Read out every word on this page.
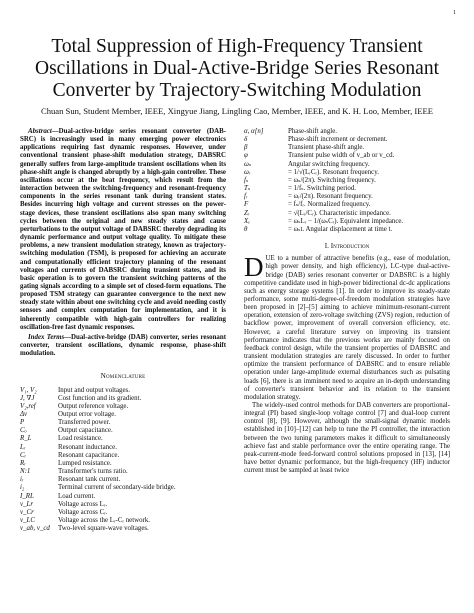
1
Total Suppression of High-Frequency Transient Oscillations in Dual-Active-Bridge Series Resonant Converter by Trajectory-Switching Modulation
Chuan Sun, Student Member, IEEE, Xingyue Jiang, Lingling Cao, Member, IEEE, and K. H. Loo, Member, IEEE
Abstract—Dual-active-bridge series resonant converter (DAB-SRC) is increasingly used in many emerging power electronics applications requiring fast dynamic responses. However, under conventional transient phase-shift modulation strategy, DABSRC generally suffers from large-amplitude transient oscillations when its phase-shift angle is changed abruptly by a high-gain controller. These oscillations occur at the beat frequency, which result from the interaction between the switching-frequency and resonant-frequency components in the series resonant tank during transient states. Besides incurring high voltage and current stresses on the power-stage devices, these transient oscillations also span many switching cycles between the original and new steady states and cause perturbations to the output voltage of DABSRC thereby degrading its dynamic performance and output voltage quality. To mitigate these problems, a new transient modulation strategy, known as trajectory-switching modulation (TSM), is proposed for achieving an accurate and computationally efficient trajectory planning of the resonant voltages and currents of DABSRC during transient states, and its basic operation is to govern the transient switching patterns of the gating signals according to a simple set of closed-form equations. The proposed TSM strategy can guarantee convergence to the next new steady state within about one switching cycle and avoid needing costly sensors and complex computation for implementation, and it is inherently compatible with high-gain controllers for realizing oscillation-free fast dynamic responses.
Index Terms—Dual-active-bridge (DAB) converter, series resonant converter, transient oscillations, dynamic response, phase-shift modulation.
Nomenclature
V₁, V₂	Input and output voltages.
J, ∇J	Cost function and its gradient.
V₂,ref	Output reference voltage.
Δv	Output error voltage.
P	Transferred power.
Cₒ	Output capacitance.
R_L	Load resistance.
Lᵣ	Resonant inductance.
Cᵣ	Resonant capacitance.
Rᵣ	Lumped resistance.
N:1	Transformer's turns ratio.
iᵣ	Resonant tank current.
i₂	Terminal current of secondary-side bridge.
I_RL	Load current.
v_Lr	Voltage across Lᵣ.
v_Cr	Voltage across Cᵣ.
v_LC	Voltage across the Lᵣ-Cᵣ network.
v_ab, v_cd	Two-level square-wave voltages.
α, α[n]	Phase-shift angle.
δ	Phase-shift increment or decrement.
β	Transient phase-shift angle.
φ	Transient pulse width of v_ab or v_cd.
ωₛ	Angular switching frequency.
ωᵣ	= 1/√(LᵣCᵣ). Resonant frequency.
fₛ	= ωₛ/(2π). Switching frequency.
Tₛ	= 1/fₛ. Switching period.
fᵣ	= ωᵣ/(2π). Resonant frequency.
F	= fₛ/fᵣ. Normalized frequency.
Zᵣ	= √(Lᵣ/Cᵣ). Characteristic impedance.
Xₑ	= ωₛLᵣ − 1/(ωₛCᵣ). Equivalent impedance.
θ	= ωₛt. Angular displacement at time t.
I. Introduction
DUE to a number of attractive benefits (e.g., ease of modulation, high power density, and high efficiency), LC-type dual-active-bridge (DAB) series resonant converter or DABSRC is a highly competitive candidate used in high-power bidirectional dc-dc applications such as energy storage systems [1]. In order to improve its steady-state performance, some multi-degree-of-freedom modulation strategies have been proposed in [2]–[5] aiming to achieve minimum-resonant-current operation, extension of zero-voltage switching (ZVS) region, reduction of backflow power, improvement of overall conversion efficiency, etc. However, a careful literature survey on improving its transient performance indicates that the previous works are mainly focused on feedback control design, while the transient properties of DABSRC and transient modulation strategies are rarely discussed. In order to further optimize the transient performance of DABSRC and to ensure reliable operation under large-amplitude external disturbances such as pulsating loads [6], there is an imminent need to acquire an in-depth understanding of converter's transient behavior and its relation to the transient modulation strategy.
The widely-used control methods for DAB converters are proportional-integral (PI) based single-loop voltage control [7] and dual-loop current control [8], [9]. However, although the small-signal dynamic models established in [10]–[12] can help to tune the PI controller, the interaction between the two tuning parameters makes it difficult to simultaneously achieve fast and stable performance over the entire operating range. The peak-current-mode feed-forward control solutions proposed in [13], [14] have better dynamic performance, but the high-frequency (HF) inductor current must be sampled at least twice
